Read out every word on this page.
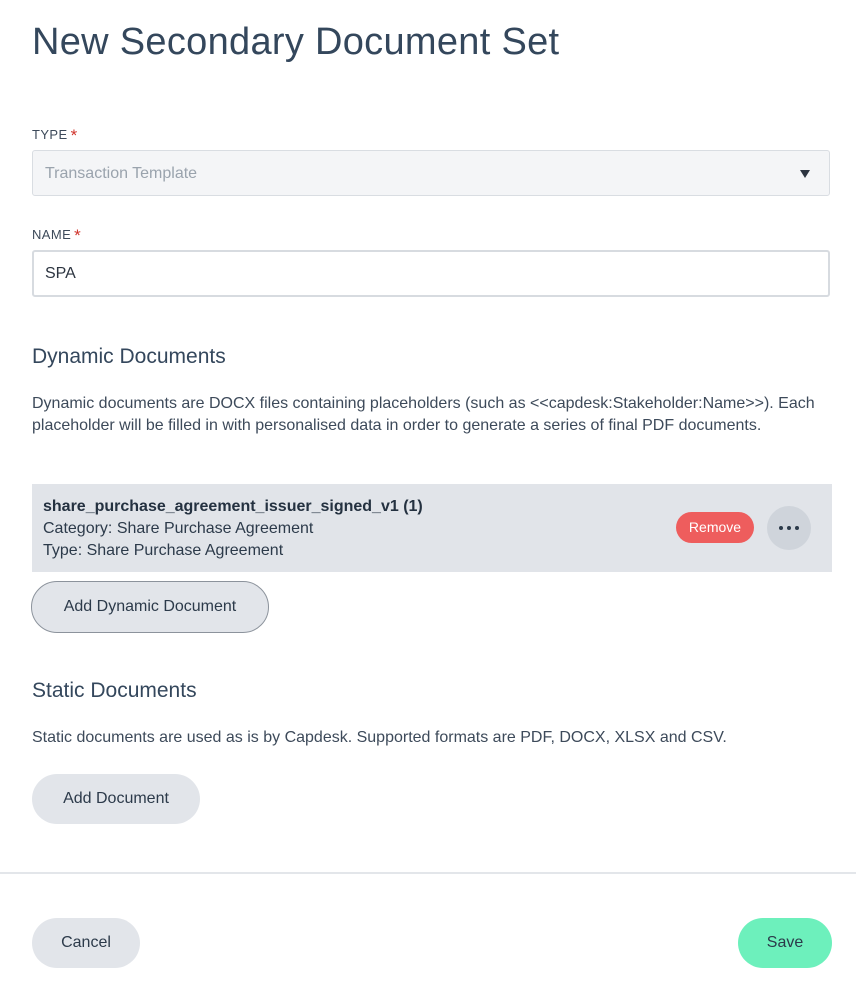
New Secondary Document Set
TYPE *
Transaction Template
NAME *
SPA
Dynamic Documents

Dynamic documents are DOCX files containing placeholders (such as <<capdesk:Stakeholder:Name>>). Each placeholder will be filled in with personalised data in order to generate a series of final PDF documents.

share_purchase_agreement_issuer_signed_v1 (1)
Category: Share Purchase Agreement
Type: Share Purchase Agreement
Remove
Add Dynamic Document
Static Documents

Static documents are used as is by Capdesk. Supported formats are PDF, DOCX, XLSX and CSV.

Add Document
Cancel	Save
